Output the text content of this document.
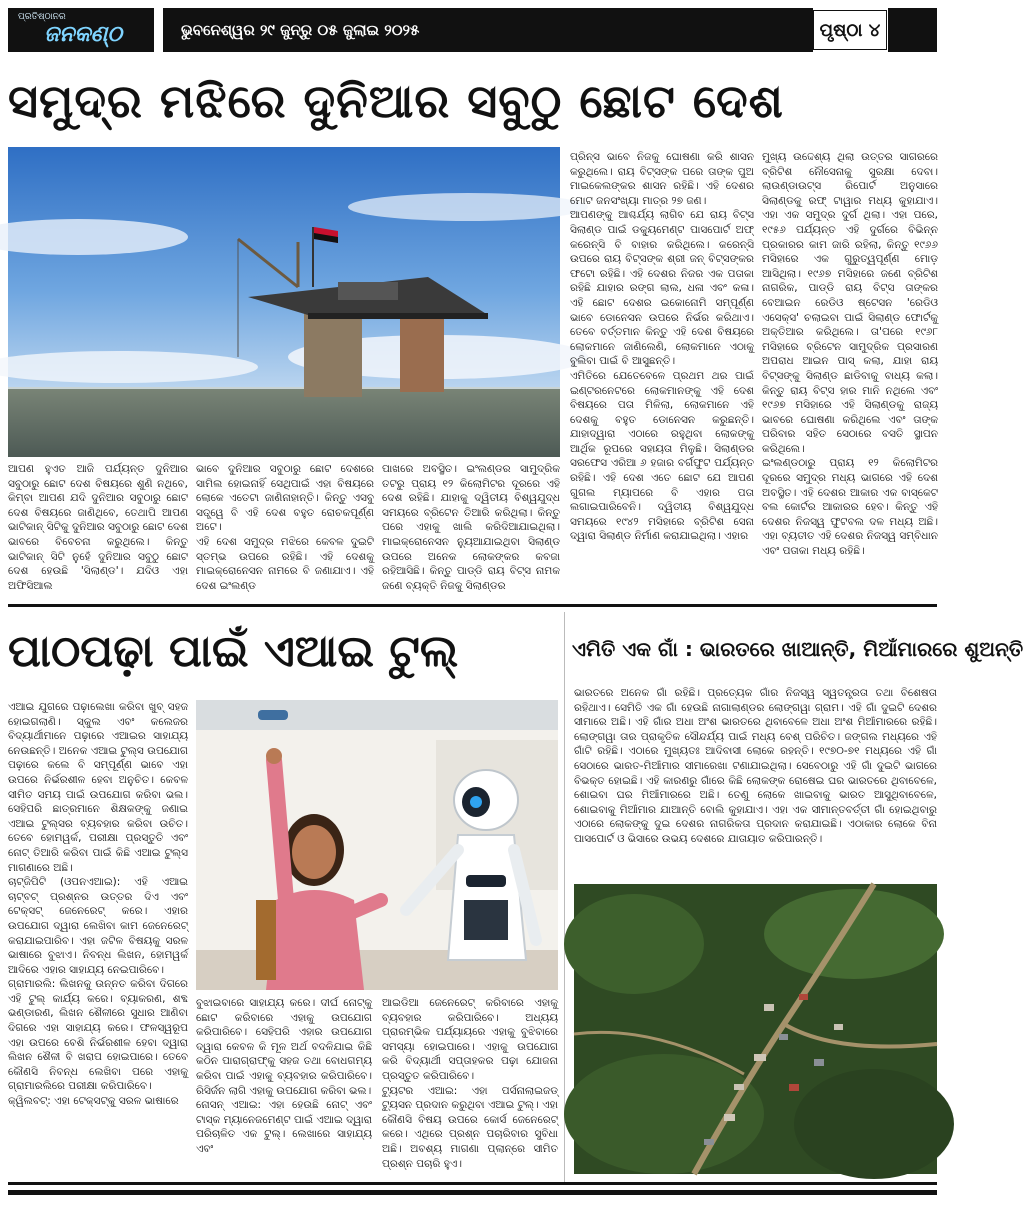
ପ୍ରତିଷ୍ଠାନର
ଜନକଣ୍ଠ	ଭୁବନେଶ୍ୱର ୨୯ ଜୁନ୍‌ରୁ ୦୫ ଜୁଲାଇ ୨୦୨୫	ପୃଷ୍ଠା ୪
ସମୁଦ୍ର ମଝିରେ ଦୁନିଆର ସବୁଠୁ ଛୋଟ ଦେଶ
ଆପଣ ହୁଏତ ଆଜି ପର୍ଯ୍ୟନ୍ତ ଦୁନିଆର ସବୁଠାରୁ ଛୋଟ ଦେଶ ବିଷୟରେ ଶୁଣି ନଥିବେ, କିମ୍ବା ଆପଣ ଯଦି ଦୁନିଆର ସବୁଠାରୁ ଛୋଟ ଦେଶ ବିଷୟରେ ଜାଣିଥିବେ, ତେଥାପି ଆପଣ ଭାଟିକାନ୍ ସିଟିକୁ ଦୁନିଆର ସବୁଠାରୁ ଛୋଟ ଦେଶ ଭାବରେ ବିବେଚନା କରୁଥିଲେ। କିନ୍ତୁ ଭାଟିକାନ୍ ସିଟି ନୁହେଁ ଦୁନିଆର ସବୁଠୁ ଛୋଟ ଦେଶ ହେଉଛି 'ସିଲାଣ୍ଡ'। ଯଦିଓ ଏହା ଅଫିସିଆଲ
ଭାବେ ଦୁନିଆର ସବୁଠାରୁ ଛୋଟ ଦେଶରେ ସାମିଲ ହୋଇନାହିଁ ସେଥିପାଇଁ ଏହା ବିଷୟରେ ଲୋକେ ଏତେଟା ଜାଣିନାହାନ୍ତି। କିନ୍ତୁ ଏସବୁ ସତ୍ତ୍ୱେ ବି ଏହି ଦେଶ ବହୁତ ରୋଚକପୂର୍ଣ୍ଣ ଅଟେ।
ଏହି ଦେଶ ସମୁଦ୍ର ମଝିରେ କେବଳ ଦୁଇଟି ସ୍ତମ୍ଭ ଉପରେ ରହିଛି। ଏହି ଦେଶକୁ ମାଇକ୍ରୋନେସନ ନାମରେ ବି ଜଣାଯାଏ। ଏହି ଦେଶ ଇଂଲଣ୍ଡ
ପାଖରେ ଅବସ୍ଥିତ। ଇଂଲଣ୍ଡର ସାମୁଦ୍ରିକ ତଟରୁ ପ୍ରାୟ ୧୨ କିଲୋମିଟର ଦୂରରେ ଏହି ଦେଶ ରହିଛି। ଯାହାକୁ ଦ୍ୱିତୀୟ ବିଶ୍ୱଯୁଦ୍ଧ ସମୟରେ ବ୍ରିଟେନ ତିଆରି କରିଥିଲା। କିନ୍ତୁ ପରେ ଏହାକୁ ଖାଲି କରିଦିଆଯାଇଥିଲା। ମାଇକ୍ରୋନେସନ ନ୍ୟୁଆଯାଇଥିବା ସିଲାଣ୍ଡ ଉପରେ ଅନେକ ଲୋକଙ୍କର କବଜା ରହିଆସିଛି। କିନ୍ତୁ ପାଡ୍ଡି ରାୟ ବିଟ୍ସ ନାମକ ଜଣେ ବ୍ୟକ୍ତି ନିଜକୁ ସିଲାଣ୍ଡର
ପ୍ରିନ୍ସ ଭାବେ ନିଜକୁ ଘୋଷଣା କରି ଶାସନ କରୁଥିଲେ। ରାୟ ବିଟ୍ସଙ୍କ ପରେ ତାଙ୍କ ପୁଅ ମାଇକେଲଙ୍କର ଶାସନ ରହିଛି। ଏହି ଦେଶର ମୋଟ ଜନସଂଖ୍ୟା ମାତ୍ର ୨୭ ଜଣ।
ଆପଣଙ୍କୁ ଆଶ୍ଚର୍ଯ୍ୟ ଲାଗିବ ଯେ ରାୟ ବିଟ୍ସ ସିଲାଣ୍ଡ ପାଇଁ ଡକ୍ୟୁମେଣ୍ଟ ପାସପୋର୍ଟ ଅଫ୍ କରେନ୍ସି ବି ବାହାର କରିଥିଲେ। କରେନ୍ସି ଉପରେ ରାୟ ବିଟ୍ସଙ୍କ ଶ୍ରୀ ଜନ୍ ବିଟ୍ସଙ୍କର ଫଟୋ ରହିଛି। ଏହି ଦେଶର ନିଜର ଏକ ପତାକା ରହିଛି ଯାହାର ରଙ୍ଗ ଲାଲ, ଧଳା ଏବଂ କଳା। ଏହି ଛୋଟ ଦେଶର ଇକୋନୋମି ସମ୍ପୂର୍ଣ୍ଣ ଭାବେ ଡୋନେସନ ଉପରେ ନିର୍ଭର କରିଥାଏ। ତେବେ ବର୍ତ୍ତମାନ କିନ୍ତୁ ଏହି ଦେଶ ବିଷୟରେ ଲୋକମାନେ ଜାଣିଲେଣି, ଲୋକମାନେ ଏଠାକୁ ବୁଲିବା ପାଇଁ ବି ଆସୁଛନ୍ତି।
ଏମିତିରେ ଯେତେବେଳେ ପ୍ରଥମ ଥର ପାଇଁ ଇଣ୍ଟରନେଟରେ ଲୋକମାନଙ୍କୁ ଏହି ଦେଶ ବିଷୟରେ ପତା ମିଳିଲା, ଲୋକମାନେ ଏହି ଦେଶକୁ ବହୁତ ଡୋନେସନ କରୁଛନ୍ତି। ଯାହାଦ୍ୱାରା ଏଠାରେ ରହୁଥିବା ଲୋକଙ୍କୁ ଆର୍ଥିକ ରୂପରେ ସହାୟତା ମିଳୁଛି। ସିଲାଣ୍ଡର ସରଫେସ ଏରିଆ ୬ ହଜାର ବର୍ଗଫୁଟ ପର୍ଯ୍ୟନ୍ତ ରହିଛି। ଏହି ଦେଶ ଏତେ ଛୋଟ ଯେ ଆପଣ ଗୁଗଲ ମ୍ୟାପରେ ବି ଏହାର ପତା ଲଗାଇପାରିବେନି। ଦ୍ୱିତୀୟ ବିଶ୍ୱଯୁଦ୍ଧ ସମୟରେ ୧୯୪୨ ମସିହାରେ ବ୍ରିଟିଶ ସେନା ଦ୍ୱାରା ସିଲାଣ୍ଡ ନିର୍ମାଣ କରାଯାଇଥିଲା। ଏହାର
ମୁଖ୍ୟ ଉଦ୍ଦେଶ୍ୟ ଥିଲା ଉତ୍ତର ସାଗରରେ ବ୍ରିଟିଶ ନୌସେନାକୁ ସୁରକ୍ଷା ଦେବା। ଲାଉଣ୍ଡାଉଟ୍ସ ରିପୋର୍ଟ ଅନୁସାରେ ସିଲାଣ୍ଡକୁ ରଫ୍ ଟାୱାର ମଧ୍ୟ କୁହାଯାଏ। ଏହା ଏକ ସମୁଦ୍ର ଦୁର୍ଗ ଥିଲା। ଏହା ପରେ, ୧୯୫୬ ପର୍ଯ୍ୟନ୍ତ ଏହି ଦୁର୍ଗରେ ବିଭିନ୍ନ ପ୍ରକାରର କାମ ଜାରି ରହିଲା, କିନ୍ତୁ ୧୯୬୬ ମସିହାରେ ଏକ ଗୁରୁତ୍ୱପୂର୍ଣ୍ଣ ମୋଡ଼ ଆସିଥିଲା। ୧୯୬୭ ମସିହାରେ ଜଣେ ବ୍ରିଟିଶ ନାଗରିକ, ପାଡ୍ଡି ରାୟ ବିଟ୍ସ ତାଙ୍କର ବେଆଇନ ରେଡିଓ ଷ୍ଟେସନ 'ରେଡିଓ ଏସେକ୍ସ' ଚଲାଇବା ପାଇଁ ସିଲାଣ୍ଡ ଫୋର୍ଟକୁ ଅକ୍ତିଆର କରିଥିଲେ। ତା'ପରେ ୧୯୬୮ ମସିହାରେ ବ୍ରିଟେନ ସାମୁଦ୍ରିକ ପ୍ରସାରଣ ଅପରାଧ ଆଇନ ପାସ୍ କଲା, ଯାହା ରାୟ ବିଟ୍ସଙ୍କୁ ସିଲାଣ୍ଡ ଛାଡିବାକୁ ବାଧ୍ୟ କଲା। କିନ୍ତୁ ରାୟ ବିଟ୍ସ ହାର ମାନି ନଥିଲେ ଏବଂ ୧୯୬୭ ମସିହାରେ ଏହି ସିଲାଣ୍ଡକୁ ରାଜ୍ୟ ଭାବରେ ଘୋଷଣା କରିଥିଲେ ଏବଂ ତାଙ୍କ ପରିବାର ସହିତ ସେଠାରେ ବସତି ସ୍ଥାପନ କରିଥିଲେ।
ଇଂଲଣ୍ଡଠାରୁ ପ୍ରାୟ ୧୨ କିଲୋମିଟର ଦୂରରେ ସମୁଦ୍ର ମଧ୍ୟ ଭାଗରେ ଏହି ଦେଶ ଅବସ୍ଥିତ। ଏହି ଦେଶର ଆକାର ଏକ ବାସ୍କେଟ ବଲ କୋର୍ଟର ଆକାରର ହେବ। କିନ୍ତୁ ଏହି ଦେଶର ନିଜସ୍ୱ ଫୁଟବଲ ଦଳ ମଧ୍ୟ ଅଛି। ଏହା ବ୍ୟତୀତ ଏହି ଦେଶର ନିଜସ୍ୱ ସମ୍ବିଧାନ ଏବଂ ପତାକା ମଧ୍ୟ ରହିଛି।
ପାଠପଢ଼ା ପାଇଁ ଏଆଇ ଟୁଲ୍
ଏଆଇ ଯୁଗରେ ପଢ଼ାଲେଖା କରିବା ଖୁବ୍ ସହଜ ହୋଇଗଲାଣି। ସ୍କୁଲ ଏବଂ କଲେଜର ବିଦ୍ୟାର୍ଥୀମାନେ ପଢ଼ାରେ ଏଆଇର ସାହାଯ୍ୟ ନେଉଛନ୍ତି। ଅନେକ ଏଆଇ ଟୁଲ୍ସ ଉପଯୋଗ ପଢ଼ାରେ କଲେ ବି ସମ୍ପୂର୍ଣ୍ଣ ଭାବେ ଏହା ଉପରେ ନିର୍ଭରଶୀଳ ହେବା ଅନୁଚିତ। କେବଳ ସୀମିତ ସମୟ ପାଇଁ ଉପଯୋଗ କରିବା ଭଲ। ସେହିପରି ଛାତ୍ରମାନେ ଶିକ୍ଷକଙ୍କୁ ଜଣାଇ ଏଆଇ ଟୁଲ୍ସର ବ୍ୟବହାର କରିବା ଉଚିତ। ତେବେ ହୋମୱର୍କ, ପରୀକ୍ଷା ପ୍ରସ୍ତୁତି ଏବଂ ନୋଟ୍ ତିଆରି କରିବା ପାଇଁ କିଛି ଏଆଇ ଟୁଲ୍ସ ମାଗଣାରେ ଅଛି।
ଚାଟ୍‌ଜିପିଟି (ଓପନଏଆଇ): ଏହି ଏଆଇ ଚାଟ୍‌ବଟ୍ ପ୍ରଶ୍ନର ଉତ୍ତର ଦିଏ ଏବଂ ଟେକ୍ସଟ୍ ଜେନେରେଟ୍ କରେ। ଏହାର ଉପଯୋଗ ଦ୍ୱାରା ଲେଖିବା କାମ ଜେନେରେଟ୍ କରାଯାଇପାରିବ। ଏହା ଜଟିଳ ବିଷୟକୁ ସରଳ ଭାଷାରେ ବୁଝାଏ। ନିବନ୍ଧ ଲିଖନ, ହୋମୱର୍କ ଆଦିରେ ଏହାର ସାହାଯ୍ୟ ନେଇପାରିବେ।
ଗ୍ରାମାରଲି: ଲିଖନକୁ ଉନ୍ନତ କରିବା ଦିଗରେ ଏହି ଟୁଲ୍ କାର୍ଯ୍ୟ କରେ। ବ୍ୟାକରଣ, ଶବ୍ଦ ଭଣ୍ଡାରଣ, ଲିଖନ ଶୈଳୀରେ ସୁଧାର ଆଣିବା ଦିଗରେ ଏହା ସାହାଯ୍ୟ କରେ। ଫଳସ୍ୱରୂପ ଏହା ଉପରେ ବେଶି ନିର୍ଭରଶୀଳ ହେବା ଦ୍ୱାରା ଲିଖନ ଶୈଳୀ ବି ଖରାପ ହୋଇପାରେ। ତେବେ କୌଣସି ନିବନ୍ଧ ଲେଖିବା ପରେ ଏହାକୁ ଗ୍ରାମାରଲିରେ ପରୀକ୍ଷା କରିପାରିବେ।
କ୍ୱିଲବଟ୍: ଏହା ଟେକ୍ସଟ୍କୁ ସରଳ ଭାଷାରେ
ବୁଝାଇବାରେ ସାହାଯ୍ୟ କରେ। ଦୀର୍ଘ ନୋଟ୍କୁ ଛୋଟ କରିବାରେ ଏହାକୁ ଉପଯୋଗ କରିପାରିବେ। ସେହିପରି ଏହାର ଉପଯୋଗ ଦ୍ୱାରା କେବଳ କି ମୂଳ ଅର୍ଥ ବଦଳିଯାଇ କିଛି କଠିନ ପାରାଗ୍ରାଫ୍‌କୁ ସହଜ ତଥା ବୋଧଗମ୍ୟ କରିବା ପାଇଁ ଏହାକୁ ବ୍ୟବହାର କରିପାରିବେ। ରିସିର୍ଜନ ଲାଗି ଏହାକୁ ଉପଯୋଗ କରିବା ଭଲ।
ନୋସନ୍ ଏଆଇ: ଏହା ହେଉଛି ନୋଟ୍ ଏବଂ ଟାସ୍କ ମ୍ୟାନେଜମେଣ୍ଟ ପାଇଁ ଏଆଇ ଦ୍ୱାରା ପରିଚାଳିତ ଏକ ଟୁଲ୍। ଲେଖାରେ ସାହାଯ୍ୟ ଏବଂ
ଆଇଡିଆ ଜେନେରେଟ୍ କରିବାରେ ଏହାକୁ ବ୍ୟବହାର କରିପାରିବେ। ଅଧ୍ୟୟ ପ୍ରାରମ୍ଭିକ ପର୍ଯ୍ୟାୟରେ ଏହାକୁ ବୁଝିବାରେ ସମସ୍ୟା ହୋଇପାରେ। ଏହାକୁ ଉପଯୋଗ କରି ବିଦ୍ୟାର୍ଥୀ ସପ୍ତାହକର ପଢ଼ା ଯୋଜନା ପ୍ରସ୍ତୁତ କରିପାରିବେ।
ଟ୍ୟୁଟର ଏଆଇ: ଏହା ପର୍ସନାଲାଇଜଡ୍ ଟ୍ୟୁସନ ପ୍ରଦାନ କରୁଥିବା ଏଆଇ ଟୁଲ୍। ଏହା କୌଣସି ବିଷୟ ଉପରେ କୋର୍ସ ଜେନେରେଟ୍ କରେ। ଏଥିରେ ପ୍ରଶ୍ନ ପଚାରିବାର ସୁବିଧା ଅଛି। ଅବଶ୍ୟ ମାଗଣା ପ୍ଲାନ୍‌ରେ ସୀମିତ ପ୍ରଶ୍ନ ପଚାରି ହୁଏ।
ଏମିତି ଏକ ଗାଁ : ଭାରତରେ ଖାଆନ୍ତି, ମିଆଁମାରରେ ଶୁଅନ୍ତି
ଭାରତରେ ଅନେକ ଗାଁ ରହିଛି। ପ୍ରତ୍ୟେକ ଗାଁର ନିଜସ୍ୱ ସ୍ୱତନ୍ତ୍ରତା ତଥା ବିଶେଷତା ରହିଥାଏ। ସେମିତି ଏକ ଗାଁ ହେଉଛି ନାଗାଲାଣ୍ଡର ଲୋଙ୍ଗୱା ଗ୍ରାମ। ଏହି ଗାଁ ଦୁଇଟି ଦେଶର ସୀମାରେ ଅଛି। ଏହି ଗାଁର ଅଧା ଅଂଶ ଭାରତରେ ଥିବାବେଳେ ଅଧା ଅଂଶ ମିଆଁମାରରେ ରହିଛି। ଲୋଙ୍ଗୱା ତାର ପ୍ରାକୃତିକ ସୌନ୍ଦର୍ଯ୍ୟ ପାଇଁ ମଧ୍ୟ ବେଶ୍ ପରିଚିତ। ଜଙ୍ଗଲ ମଧ୍ୟରେ ଏହି ଗାଁଟି ରହିଛି। ଏଠାରେ ମୁଖ୍ୟତଃ ଆଦିବାସୀ ଲୋକେ ରହନ୍ତି। ୧୯୭୦-୭୧ ମଧ୍ୟରେ ଏହି ଗାଁ ସେଠାରେ ଭାରତ-ମିଆଁମାର ସୀମାରେଖା ଟଣାଯାଇଥିଲା। ସେବେଠାରୁ ଏହି ଗାଁ ଦୁଇଟି ଭାଗରେ ବିଭକ୍ତ ହୋଇଛି। ଏହି କାରଣରୁ ଗାଁରେ କିଛି ଲୋକଙ୍କ ରୋଷେଇ ଘର ଭାରତରେ ଥିବାବେଳେ, ଶୋଇବା ଘର ମିଆଁମାରରେ ଅଛି। ତେଣୁ ଲୋକେ ଖାଇବାକୁ ଭାରତ ଆସୁଥିବାବେଳେ, ଶୋଇବାକୁ ମିଆଁମାର ଯାଆନ୍ତି ବୋଲି କୁହାଯାଏ। ଏହା ଏକ ସୀମାନ୍ତବର୍ତ୍ତୀ ଗାଁ ହୋଇଥିବାରୁ ଏଠାରେ ଲୋକଙ୍କୁ ଦୁଇ ଦେଶର ନାଗରିକତା ପ୍ରଦାନ କରାଯାଇଛି। ଏଠାକାର ଲୋକେ ବିନା ପାସପୋର୍ଟ ଓ ଭିସାରେ ଉଭୟ ଦେଶରେ ଯାତାୟାତ କରିପାରନ୍ତି।
